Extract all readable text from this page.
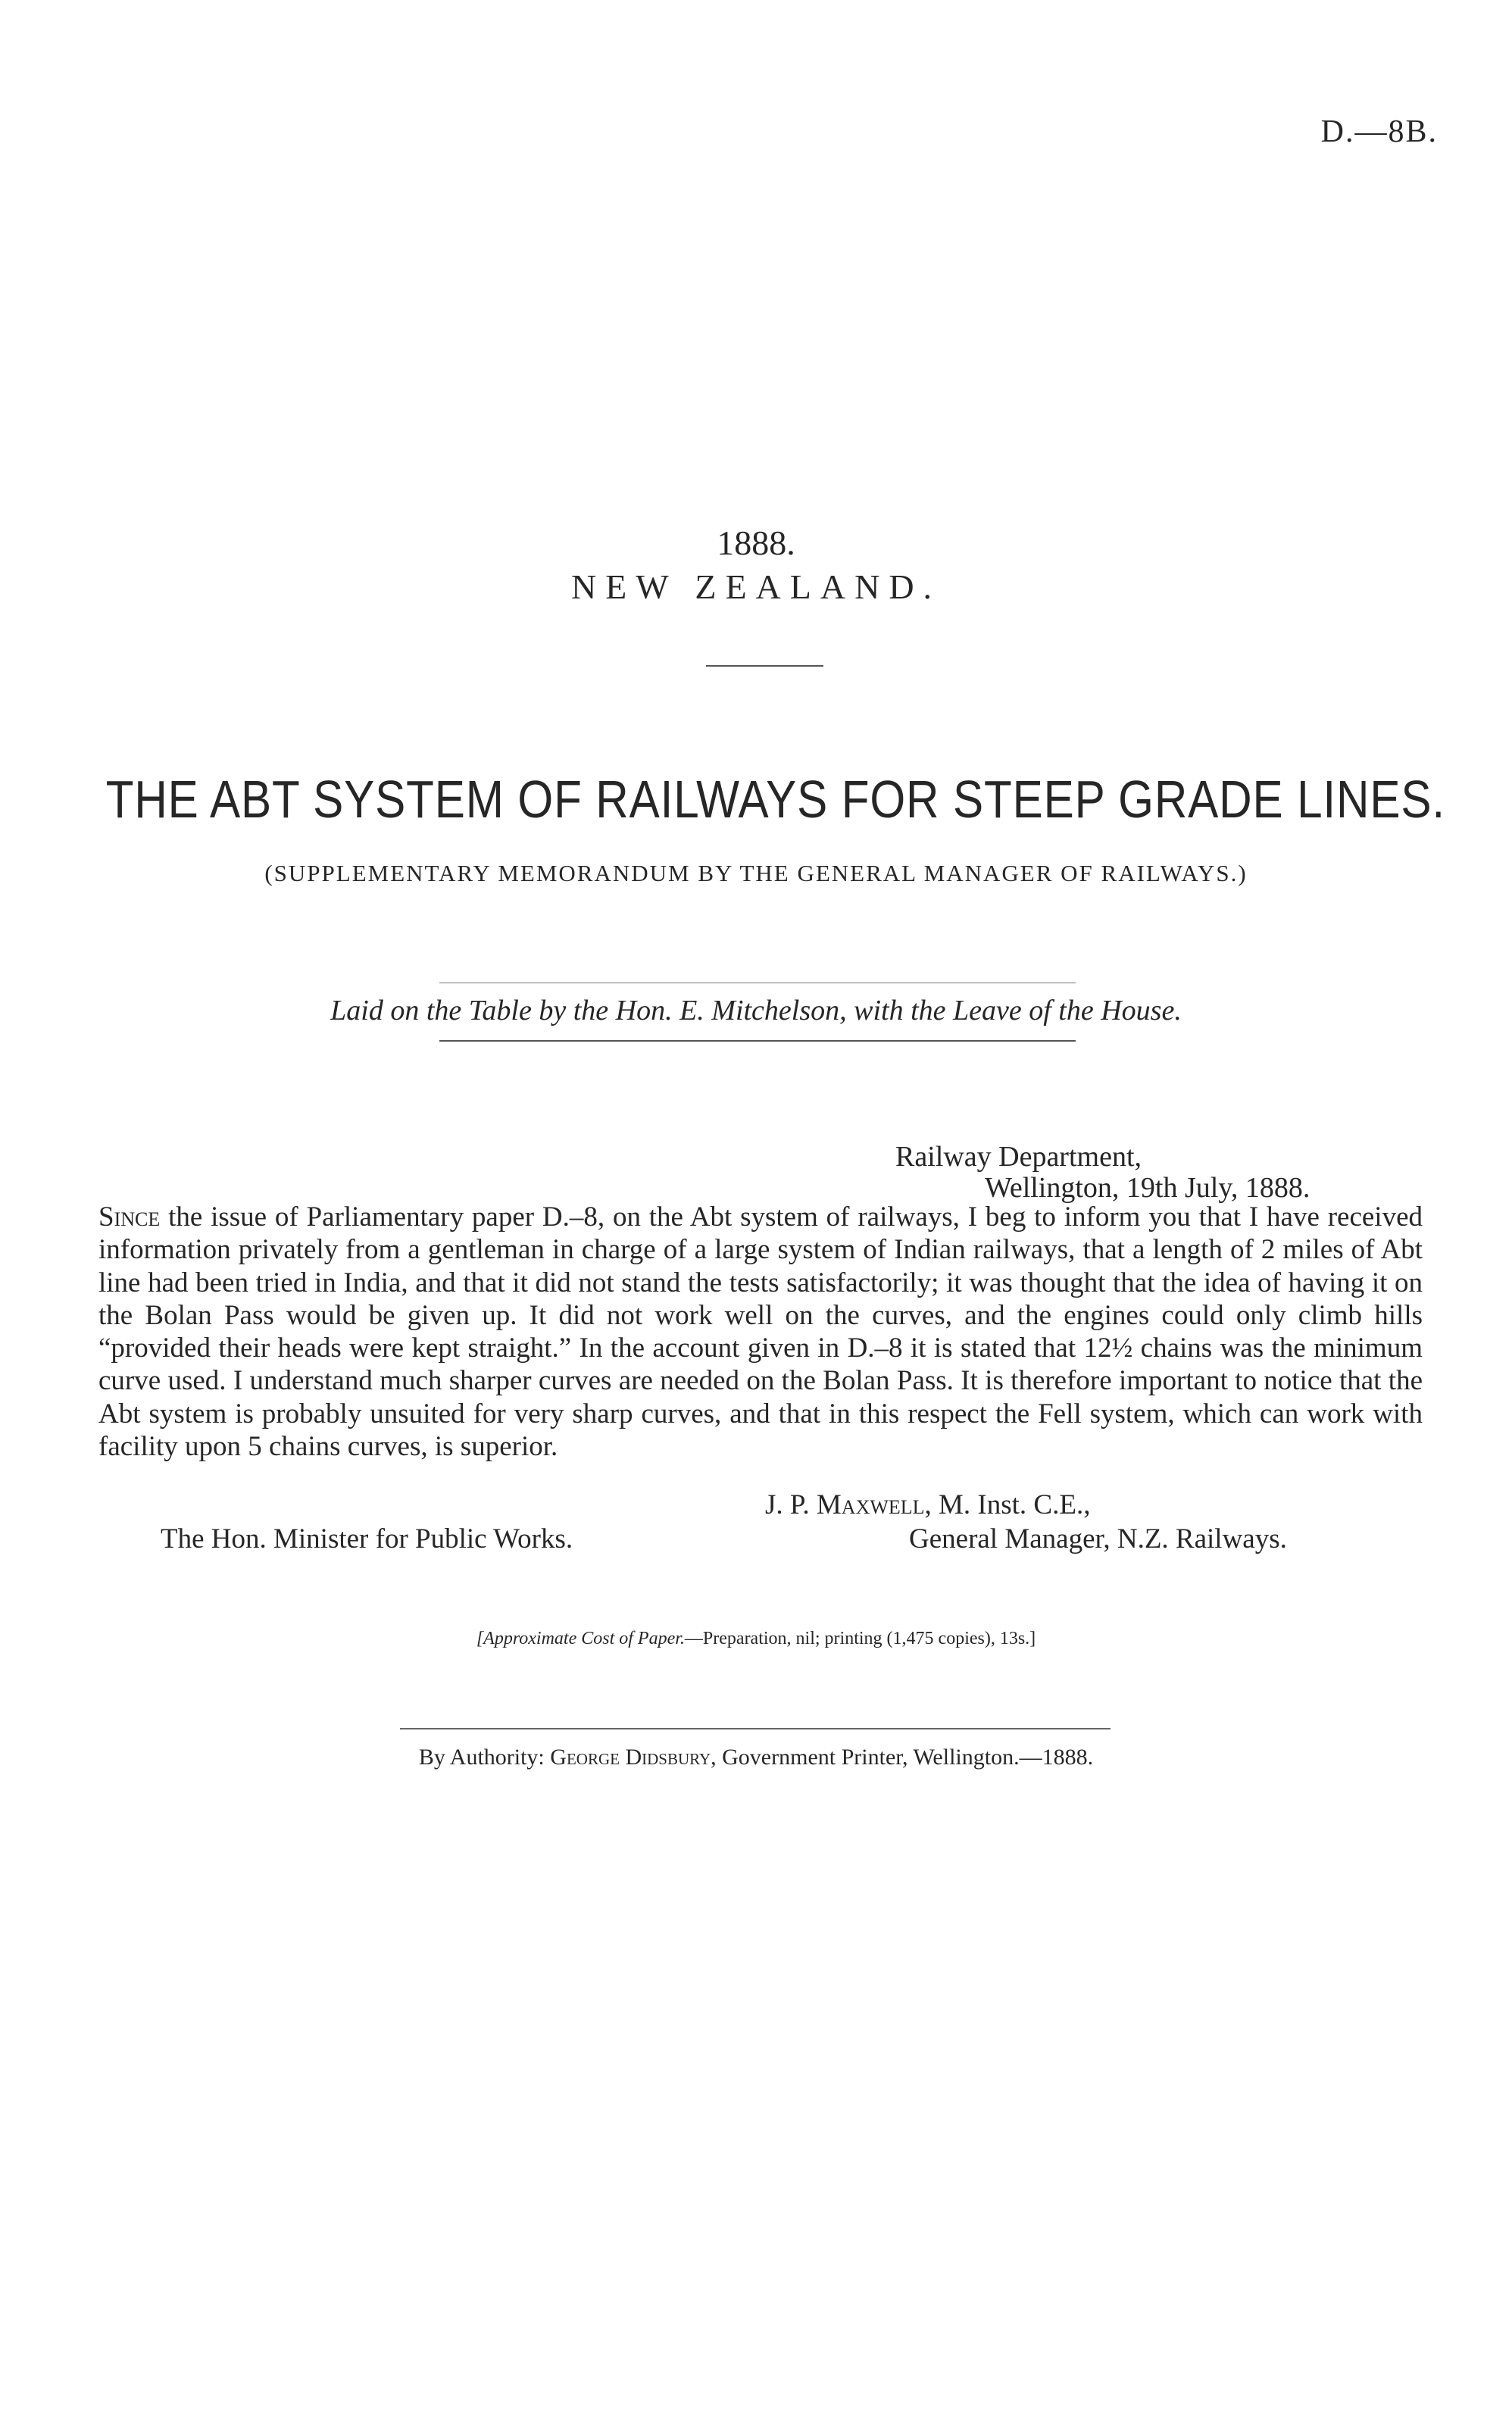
D.—8B.
1888.
NEW ZEALAND.
THE ABT SYSTEM OF RAILWAYS FOR STEEP GRADE LINES.
(SUPPLEMENTARY MEMORANDUM BY THE GENERAL MANAGER OF RAILWAYS.)
Laid on the Table by the Hon. E. Mitchelson, with the Leave of the House.
Railway Department,
Wellington, 19th July, 1888.
Since the issue of Parliamentary paper D.–8, on the Abt system of railways, I beg to inform you that I have received information privately from a gentleman in charge of a large system of Indian railways, that a length of 2 miles of Abt line had been tried in India, and that it did not stand the tests satisfactorily; it was thought that the idea of having it on the Bolan Pass would be given up. It did not work well on the curves, and the engines could only climb hills “provided their heads were kept straight.” In the account given in D.–8 it is stated that 12½ chains was the minimum curve used. I understand much sharper curves are needed on the Bolan Pass. It is therefore important to notice that the Abt system is probably unsuited for very sharp curves, and that in this respect the Fell system, which can work with facility upon 5 chains curves, is superior.
J. P. Maxwell, M. Inst. C.E.,
The Hon. Minister for Public Works.	General Manager, N.Z. Railways.
[Approximate Cost of Paper.—Preparation, nil; printing (1,475 copies), 13s.]
By Authority: George Didsbury, Government Printer, Wellington.—1888.
